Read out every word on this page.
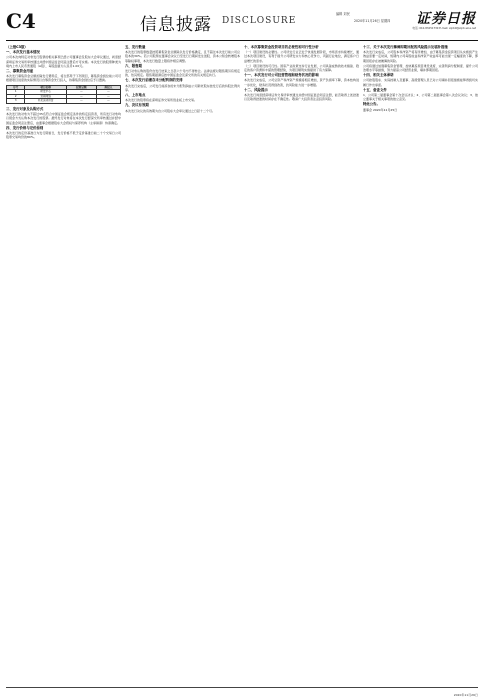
C4	信息披露 DISCLOSURE
编辑 刘民
2020年11月26日 星期四 证券日报
电话: 010-83251730 E-mail: zqrb9@zqrb.sina.net

（上接C3版）

一、本次发行基本情况

公司本次向特定对象发行股票的相关事项已经公司董事会及股东大会审议通过，尚需经深圳证券交易所审核通过并经中国证监会同意注册后方可实施。本次发行的股票种类为境内上市人民币普通股（A股），每股面值为人民币1.00元。

二、募集资金用途

本次发行募集资金总额扣除发行费用后，将全部用于下列项目，募集资金到位前公司可根据项目进度的实际情况以自筹资金先行投入，待募集资金到位后予以置换。

序号	项目名称	投资总额	拟投入
1	研发中心	—	—
2	营销网络	—	—
3	补充流动资金	—	—

三、发行对象及认购方式

本次发行的对象为不超过35名符合中国证监会规定条件的特定投资者，所有发行对象均以现金方式认购本次发行的股票。最终发行对象将在本次发行经深交所审核通过并经中国证监会同意注册后，由董事会根据股东大会授权与保荐机构（主承销商）协商确定。

四、发行价格与定价原则

本次发行的定价基准日为发行期首日，发行价格不低于定价基准日前二十个交易日公司股票交易均价的80%。

五、发行数量

本次发行的股票数量按照募集资金总额除以发行价格确定，且不超过本次发行前公司总股本的30%。若公司股票在董事会决议日至发行日期间发生送股、资本公积金转增股本等除权事项，本次发行数量上限将作相应调整。

六、限售期

发行对象认购的股份自发行结束之日起六个月内不得转让。法律法规对限售期另有规定的，依其规定。限售期届满后按中国证监会及深交所的有关规定执行。

七、本次发行前滚存未分配利润的安排

本次发行完成后，公司发行前滚存的未分配利润由公司新老股东按发行后的持股比例共享。

八、上市地点

本次发行的股票将在深圳证券交易所创业板上市交易。

九、决议有效期

本次发行决议的有效期为自公司股东大会审议通过之日起十二个月。

十、本次募集资金投资项目的必要性和可行性分析

（一）项目建设的必要性。公司所处行业正处于快速发展阶段，市场需求持续增长，通过本次项目建设，有利于提升公司研发实力和核心竞争力，巩固行业地位，满足客户日益增长的需求。

（二）项目建设的可行性。国家产业政策支持行业发展，公司具备成熟的技术储备、稳定的客户资源和丰富的管理经验，为项目顺利实施提供了有力保障。

十一、本次发行对公司经营管理和财务状况的影响

本次发行完成后，公司总资产和净资产规模将相应增加，资产负债率下降，资本结构进一步优化，财务状况得到改善，抗风险能力进一步增强。

十二、风险提示

本次发行尚需经深圳证券交易所审核通过并经中国证监会同意注册，能否取得上述批准以及取得批准的时间存在不确定性。敬请广大投资者注意投资风险。

十三、关于本次发行摊薄即期回报的风险提示及填补措施

本次发行完成后，公司股本和净资产将有所增加，由于募集资金投资项目从实施到产生效益需要一定时间，短期内公司每股收益和净资产收益率可能出现一定幅度的下降，即期回报存在被摊薄的风险。

公司将通过加强募集资金管理、加快募投项目建设进度、完善利润分配制度、提升公司治理水平等措施，努力提高公司经营业绩，填补即期回报。

十四、相关主体承诺

公司控股股东、实际控制人及董事、高级管理人员已对公司填补回报措施能够得到切实履行作出承诺。

十五、备查文件

1、公司第二届董事会第十次会议决议；2、公司第二届监事会第八次会议决议；3、独立董事关于相关事项的独立意见。

特此公告。

董事会 2020年11月25日

2020年11月26日
